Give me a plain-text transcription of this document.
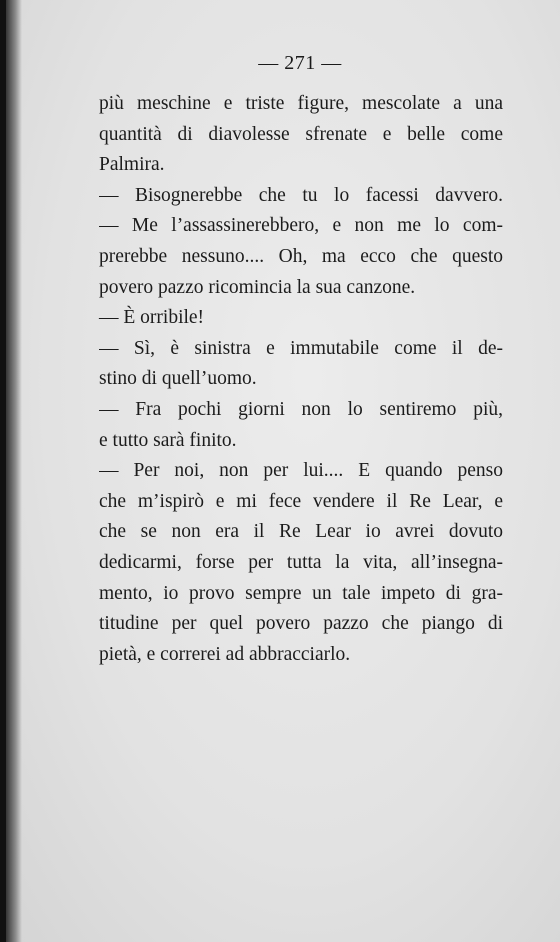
— 271 —
più meschine e triste figure, mescolate a una
quantità di diavolesse sfrenate e belle come
Palmira.
— Bisognerebbe che tu lo facessi davvero.
— Me l’assassinerebbero, e non me lo com-
prerebbe nessuno.... Oh, ma ecco che questo
povero pazzo ricomincia la sua canzone.
— È orribile!
— Sì, è sinistra e immutabile come il de-
stino di quell’uomo.
— Fra pochi giorni non lo sentiremo più,
e tutto sarà finito.
— Per noi, non per lui.... E quando penso
che m’ispirò e mi fece vendere il Re Lear, e
che se non era il Re Lear io avrei dovuto
dedicarmi, forse per tutta la vita, all’insegna-
mento, io provo sempre un tale impeto di gra-
titudine per quel povero pazzo che piango di
pietà, e correrei ad abbracciarlo.
